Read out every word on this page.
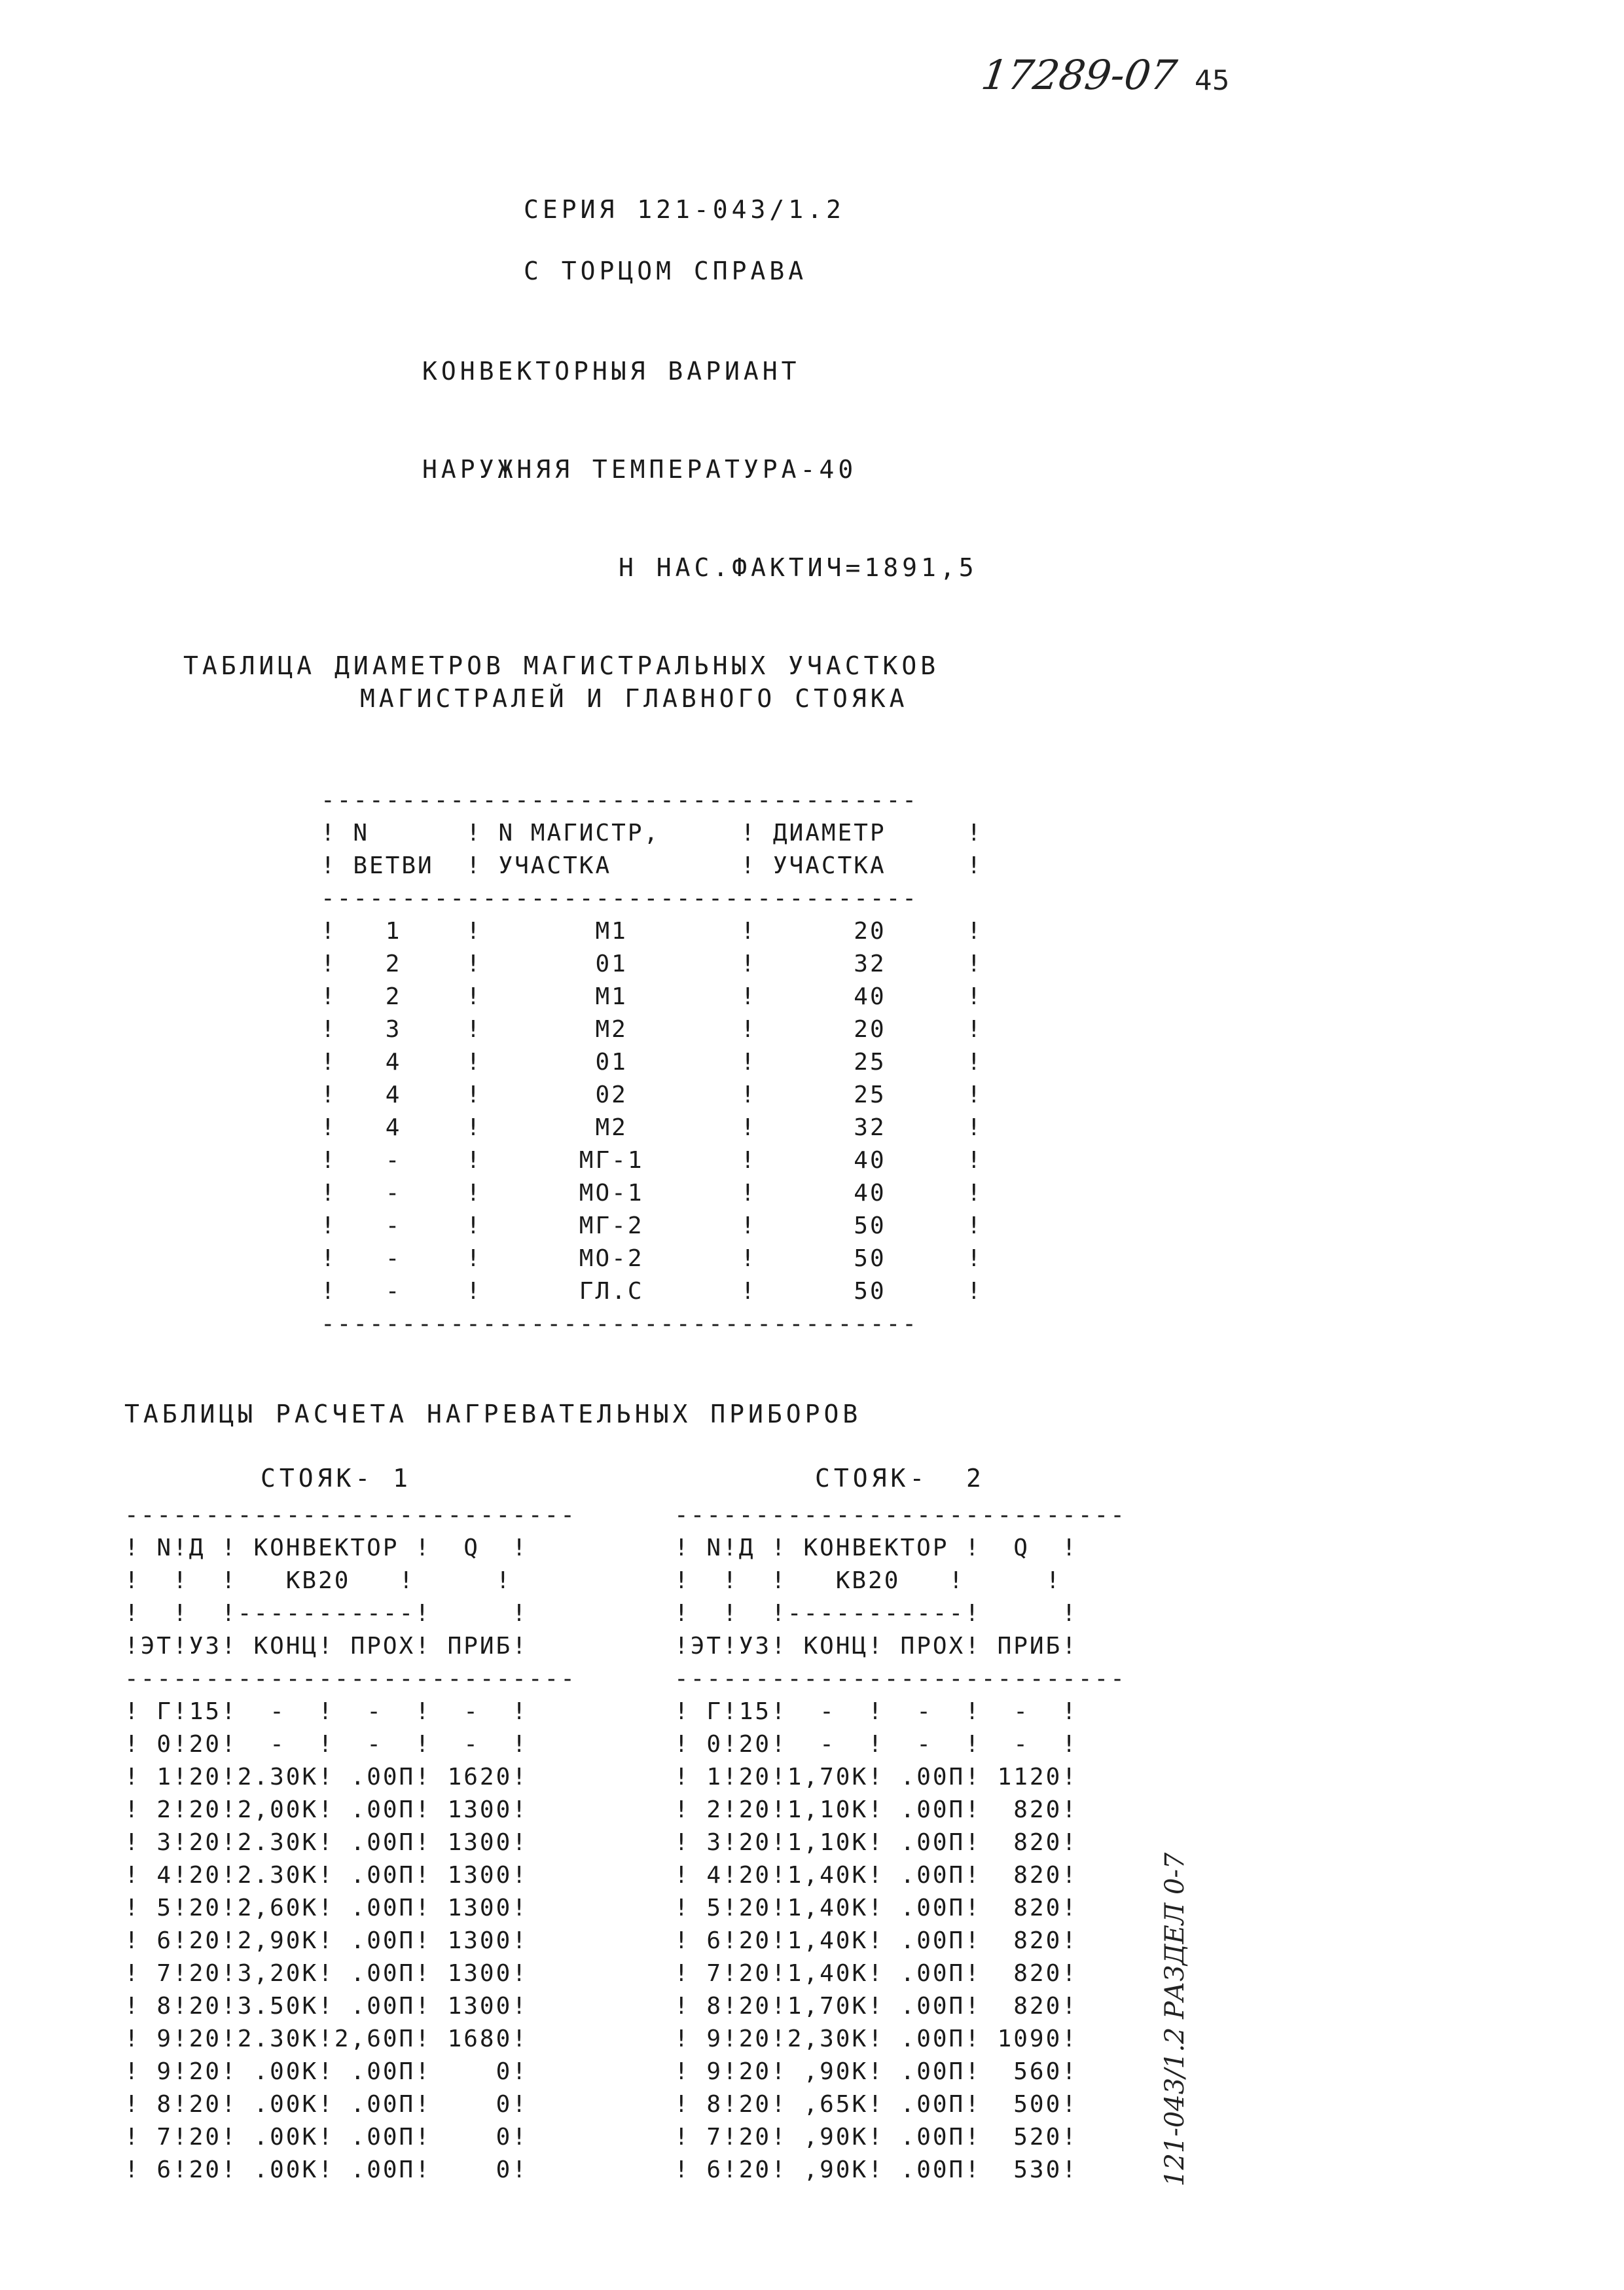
17289-07 45
СЕРИЯ 121-043/1.2
С ТОРЦОМ СПРАВА
КОНВЕКТОРНЫЯ ВАРИАНТ
НАРУЖНЯЯ ТЕМПЕРАТУРА-40
Н НАС.ФАКТИЧ=1891,5
ТАБЛИЦА ДИАМЕТРОВ МАГИСТРАЛЬНЫХ УЧАСТКОВ
МАГИСТРАЛЕЙ И ГЛАВНОГО СТОЯКА
-------------------------------------
! N      ! N МАГИСТР,     ! ДИАМЕТР	!
! ВЕТВИ  ! УЧАСТКА        ! УЧАСТКА	!
-------------------------------------
!   1    !       М1       !      20     !
!   2    !       01       !      32     !
!   2    !       М1       !      40     !
!   3    !       М2       !      20     !
!   4    !       01       !      25     !
!   4    !       02       !      25     !
!   4    !       М2       !      32     !
!   -    !      МГ-1      !      40     !
!   -    !      МО-1      !      40     !
!   -    !      МГ-2      !      50     !
!   -    !      МО-2      !      50     !
!   -    !      ГЛ.С      !      50     !
-------------------------------------
ТАБЛИЦЫ РАСЧЕТА НАГРЕВАТЕЛЬНЫХ ПРИБОРОВ
СТОЯК- 1	СТОЯК-  2
----------------------------
! N!Д ! КОНВЕКТОР !  Q  !
!  !  !   КВ20   !     !
!  !  !-----------!     !
!ЭТ!УЗ! КОНЦ! ПРОХ! ПРИБ!
----------------------------
! Г!15!  -  !  -  !  -  !
! 0!20!  -  !  -  !  -  !
! 1!20!2.30К! .00П! 1620!
! 2!20!2,00К! .00П! 1300!
! 3!20!2.30К! .00П! 1300!
! 4!20!2.30К! .00П! 1300!
! 5!20!2,60К! .00П! 1300!
! 6!20!2,90К! .00П! 1300!
! 7!20!3,20К! .00П! 1300!
! 8!20!3.50К! .00П! 1300!
! 9!20!2.30К!2,60П! 1680!
! 9!20! .00К! .00П!    0!
! 8!20! .00К! .00П!    0!
! 7!20! .00К! .00П!    0!
! 6!20! .00К! .00П!    0!

----------------------------
! N!Д ! КОНВЕКТОР !  Q  !
!  !  !   КВ20   !     !
!  !  !-----------!     !
!ЭТ!УЗ! КОНЦ! ПРОХ! ПРИБ!
----------------------------
! Г!15!  -  !  -  !  -  !
! 0!20!  -  !  -  !  -  !
! 1!20!1,70К! .00П! 1120!
! 2!20!1,10К! .00П!  820!
! 3!20!1,10К! .00П!  820!
! 4!20!1,40К! .00П!  820!
! 5!20!1,40К! .00П!  820!
! 6!20!1,40К! .00П!  820!
! 7!20!1,40К! .00П!  820!
! 8!20!1,70К! .00П!  820!
! 9!20!2,30К! .00П! 1090!
! 9!20! ,90К! .00П!  560!
! 8!20! ,65К! .00П!  500!
! 7!20! ,90К! .00П!  520!
! 6!20! ,90К! .00П!  530!	121-043/1.2 РАЗДЕЛ 0-7
